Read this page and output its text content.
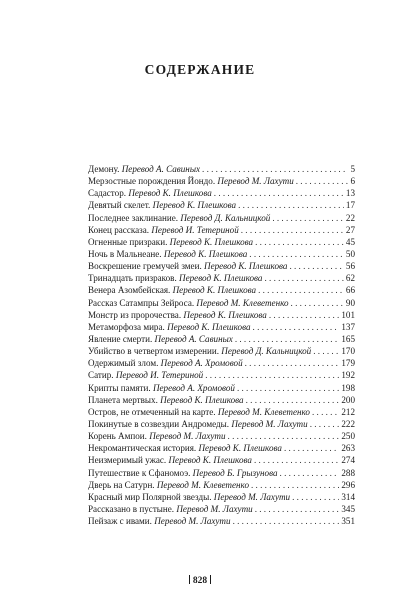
СОДЕРЖАНИЕ
Демону. Перевод А. Савиных . . .	5
Мерзостные порождения Йондо. Перевод М. Лахути . . .	6
Садастор. Перевод К. Плешкова . . .	13
Девятый скелет. Перевод К. Плешкова . . .	17
Последнее заклинание. Перевод Д. Кальницкой . . .	22
Конец рассказа. Перевод И. Тетериной . . .	27
Огненные призраки. Перевод К. Плешкова . . .	45
Ночь в Мальнеане. Перевод К. Плешкова . . .	50
Воскрешение гремучей змеи. Перевод К. Плешкова . . .	56
Тринадцать призраков. Перевод К. Плешкова . . .	62
Венера Азомбейская. Перевод К. Плешкова . . .	66
Рассказ Сатампры Зейроса. Перевод М. Клеветенко . . .	90
Монстр из пророчества. Перевод К. Плешкова . . .	101
Метаморфоза мира. Перевод К. Плешкова . . .	137
Явление смерти. Перевод А. Савиных . . .	165
Убийство в четвертом измерении. Перевод Д. Кальницкой . . .	170
Одержимый злом. Перевод А. Хромовой . . .	179
Сатир. Перевод И. Тетериной . . .	192
Крипты памяти. Перевод А. Хромовой . . .	198
Планета мертвых. Перевод К. Плешкова . . .	200
Остров, не отмеченный на карте. Перевод М. Клеветенко . . .	212
Покинутые в созвездии Андромеды. Перевод М. Лахути . . .	222
Корень Ампои. Перевод М. Лахути . . .	250
Некромантическая история. Перевод К. Плешкова . . .	263
Неизмеримый ужас. Перевод К. Плешкова . . .	274
Путешествие к Сфаномоэ. Перевод Б. Грызунова . . .	288
Дверь на Сатурн. Перевод М. Клеветенко . . .	296
Красный мир Полярной звезды. Перевод М. Лахути . . .	314
Рассказано в пустыне. Перевод М. Лахути . . .	345
Пейзаж с ивами. Перевод М. Лахути . . .	351
828
